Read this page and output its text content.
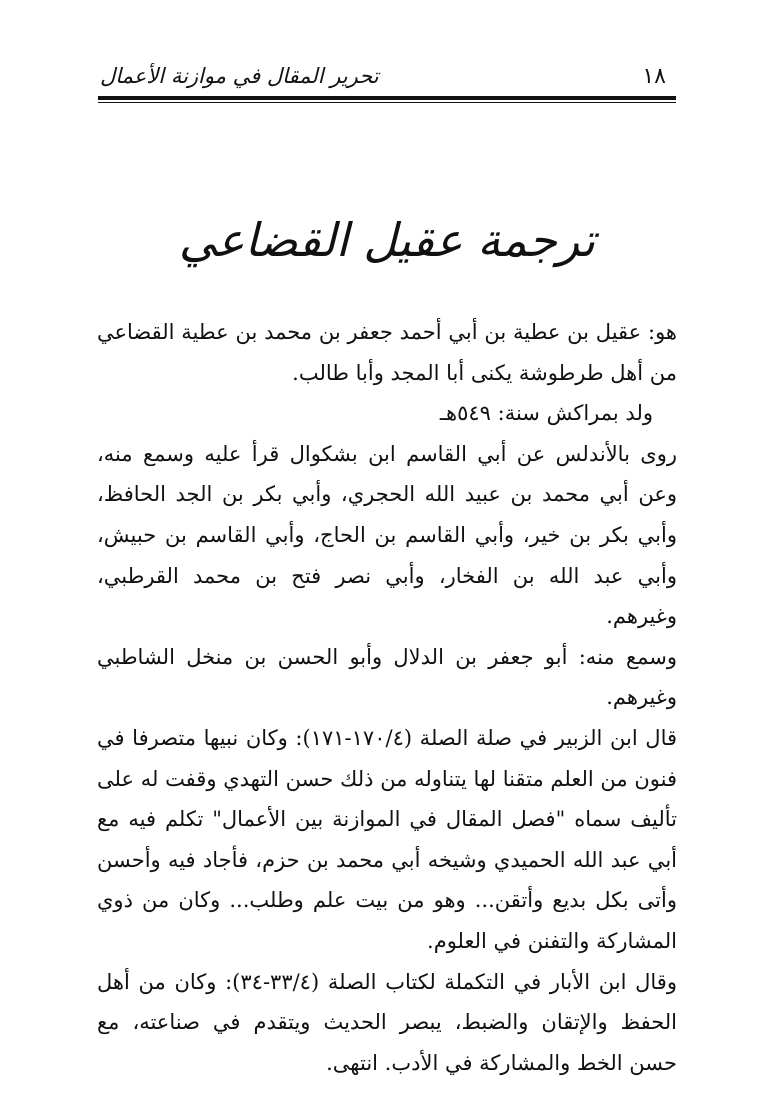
١٨
تحرير المقال في موازنة الأعمال
ترجمة عقيل القضاعي

هو: عقيل بن عطية بن أبي أحمد جعفر بن محمد بن عطية القضاعي من أهل طرطوشة يكنى أبا المجد وأبا طالب.

ولد بمراكش سنة: ٥٤٩هـ

روى بالأندلس عن أبي القاسم ابن بشكوال قرأ عليه وسمع منه، وعن أبي محمد بن عبيد الله الحجري، وأبي بكر بن الجد الحافظ، وأبي بكر بن خير، وأبي القاسم بن الحاج، وأبي القاسم بن حبيش، وأبي عبد الله بن الفخار، وأبي نصر فتح بن محمد القرطبي، وغيرهم.

وسمع منه: أبو جعفر بن الدلال وأبو الحسن بن منخل الشاطبي وغيرهم.

قال ابن الزبير في صلة الصلة (١٧٠/٤-١٧١): وكان نبيها متصرفا في فنون من العلم متقنا لها يتناوله من ذلك حسن التهدي وقفت له على تأليف سماه "فصل المقال في الموازنة بين الأعمال" تكلم فيه مع أبي عبد الله الحميدي وشيخه أبي محمد بن حزم، فأجاد فيه وأحسن وأتى بكل بديع وأتقن... وهو من بيت علم وطلب... وكان من ذوي المشاركة والتفنن في العلوم.

وقال ابن الأبار في التكملة لكتاب الصلة (٣٣/٤-٣٤): وكان من أهل الحفظ والإتقان والضبط، يبصر الحديث ويتقدم في صناعته، مع حسن الخط والمشاركة في الأدب. انتهى.
